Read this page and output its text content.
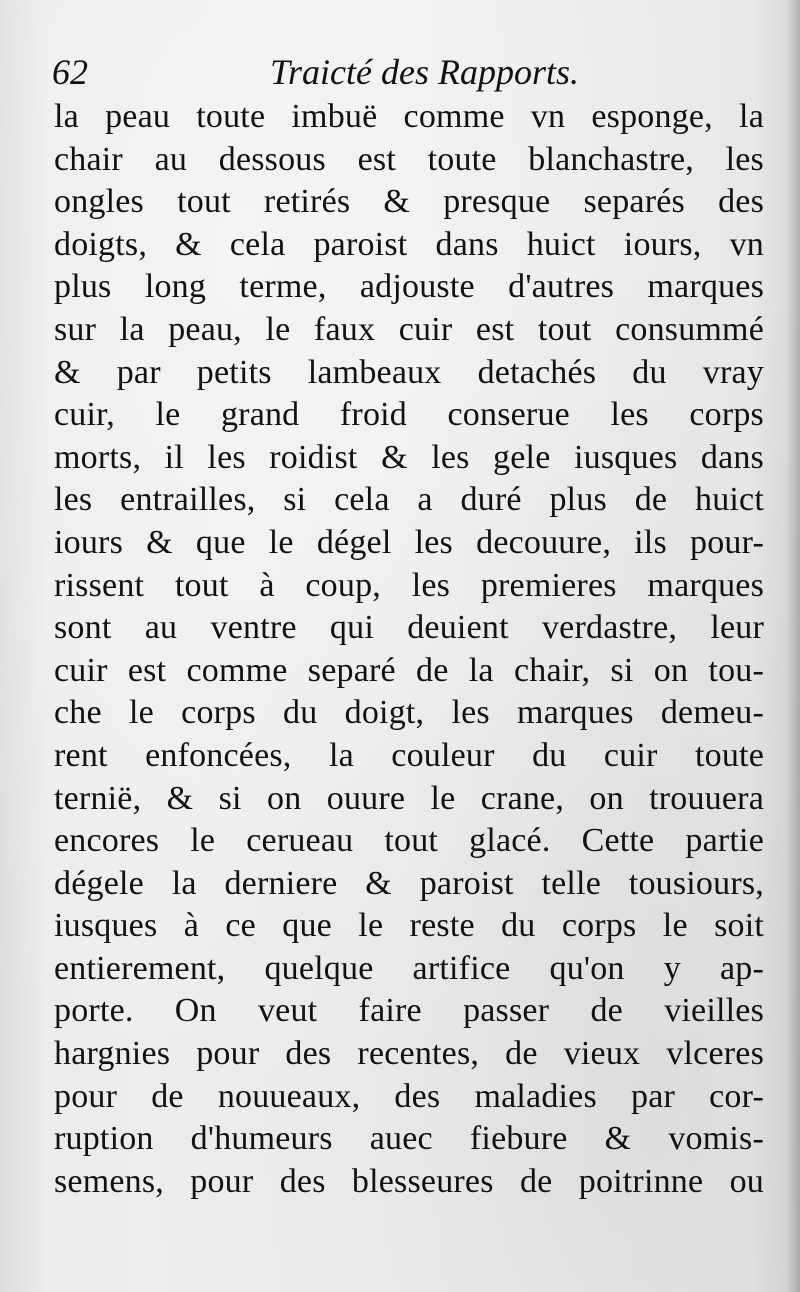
62	Traicté des Rapports.
la peau toute imbuë comme vn esponge, la
chair au dessous est toute blanchastre, les
ongles tout retirés & presque separés des
doigts, & cela paroist dans huict iours, vn
plus long terme, adjouste d'autres marques
sur la peau, le faux cuir est tout consummé
& par petits lambeaux detachés du vray
cuir, le grand froid conserue les corps
morts, il les roidist & les gele iusques dans
les entrailles, si cela a duré plus de huict
iours & que le dégel les decouure, ils pour-
rissent tout à coup, les premieres marques
sont au ventre qui deuient verdastre, leur
cuir est comme separé de la chair, si on tou-
che le corps du doigt, les marques demeu-
rent enfoncées, la couleur du cuir toute
ternië, & si on ouure le crane, on trouuera
encores le cerueau tout glacé. Cette partie
dégele la derniere & paroist telle tousiours,
iusques à ce que le reste du corps le soit
entierement, quelque artifice qu'on y ap-
porte. On veut faire passer de vieilles
hargnies pour des recentes, de vieux vlceres
pour de nouueaux, des maladies par cor-
ruption d'humeurs auec fiebure & vomis-
semens, pour des blesseures de poitrinne ou
